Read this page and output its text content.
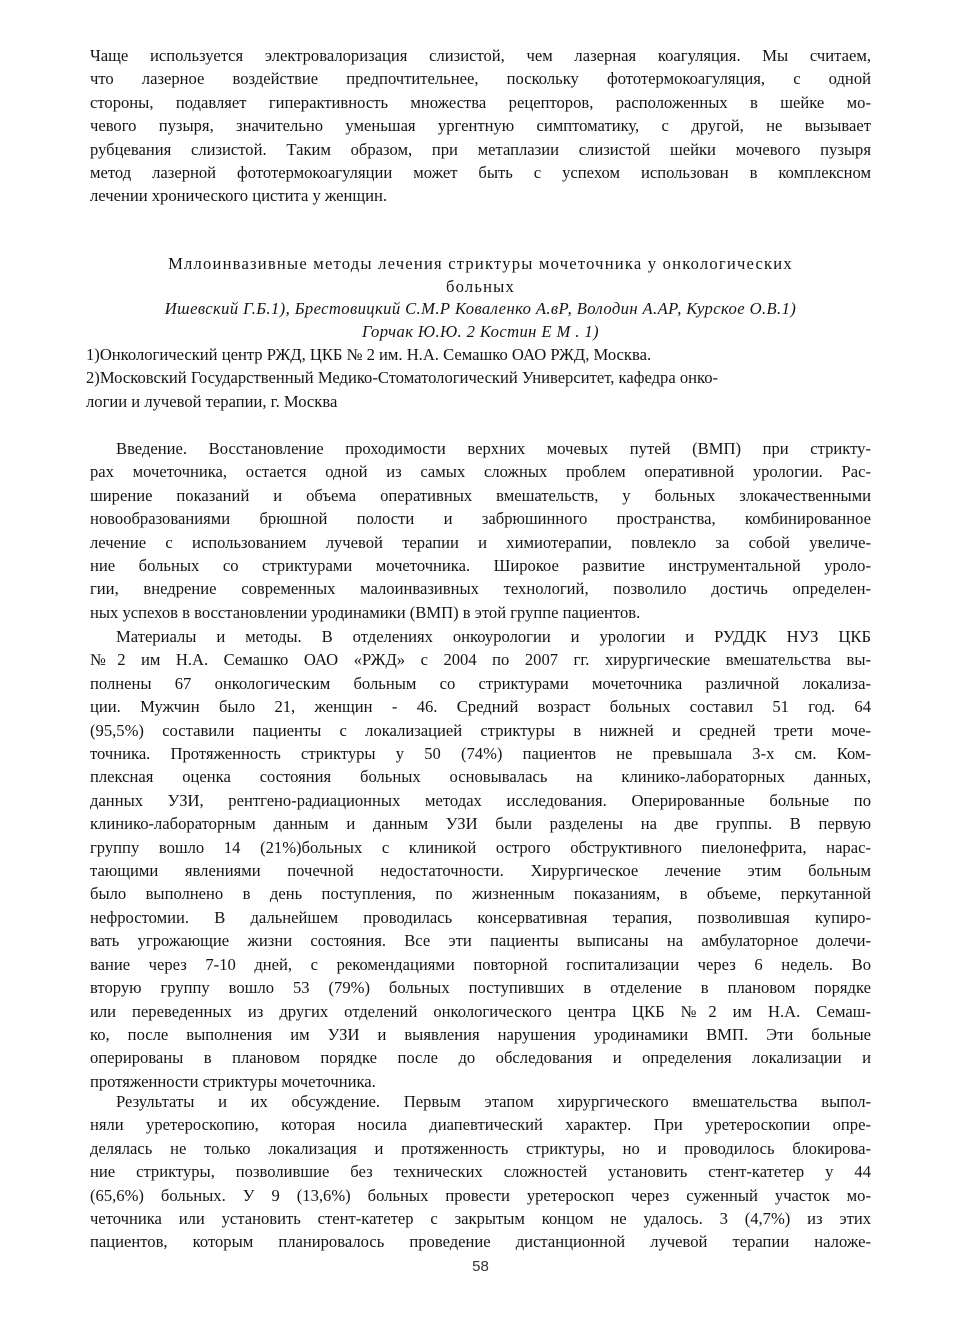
Чаще используется электровалоризация слизистой, чем лазерная коагуляция. Мы считаем,
что лазерное воздействие предпочтительнее, поскольку фототермокоагуляция, с одной
стороны, подавляет гиперактивность множества рецепторов, расположенных в шейке мо-
чевого пузыря, значительно уменьшая ургентную симптоматику, с другой, не вызывает
рубцевания слизистой. Таким образом, при метаплазии слизистой шейки мочевого пузыря
метод лазерной фототермокоагуляции может быть с успехом использован в комплексном
лечении хронического цистита у женщин.
Мллоинвазивные методы лечения стриктуры мочеточника у онкологических
больных
Ишевский Г.Б.1), Брестовицкий С.М.Р Коваленко А.вР, Володин А.АР, Курское О.В.1)
Горчак Ю.Ю. 2 Костин Е М . 1)
1)Онкологический центр РЖД, ЦКБ № 2 им. Н.А. Семашко ОАО РЖД, Москва.
2)Московский Государственный Медико-Стоматологический Университет, кафедра онко-
логии и лучевой терапии, г. Москва
Введение. Восстановление проходимости верхних мочевых путей (ВМП) при стрикту-
рах мочеточника, остается одной из самых сложных проблем оперативной урологии. Рас-
ширение показаний и объема оперативных вмешательств, у больных злокачественными
новообразованиями брюшной полости и забрюшинного пространства, комбинированное
лечение с использованием лучевой терапии и химиотерапии, повлекло за собой увеличе-
ние больных со стриктурами мочеточника. Широкое развитие инструментальной уроло-
гии, внедрение современных малоинвазивных технологий, позволило достичь определен-
ных успехов в восстановлении уродинамики (ВМП) в этой группе пациентов.
Материалы и методы. В отделениях онкоурологии и урологии и РУДДК НУЗ ЦКБ
№2 им Н.А. Семашко ОАО «РЖД» с 2004 по 2007 гг. хирургические вмешательства вы-
полнены 67 онкологическим больным со стриктурами мочеточника различной локализа-
ции. Мужчин было 21, женщин - 46. Средний возраст больных составил 51 год. 64
(95,5%) составили пациенты с локализацией стриктуры в нижней и средней трети моче-
точника. Протяженность стриктуры у 50 (74%) пациентов не превышала 3-х см. Ком-
плексная оценка состояния больных основывалась на клинико-лабораторных данных,
данных УЗИ, рентгено-радиационных методах исследования. Оперированные больные по
клинико-лабораторным данным и данным УЗИ были разделены на две группы. В первую
группу вошло 14 (21%)больных с клиникой острого обструктивного пиелонефрита, нарас-
тающими явлениями почечной недостаточности. Хирургическое лечение этим больным
было выполнено в день поступления, по жизненным показаниям, в объеме, перкутанной
нефростомии. В дальнейшем проводилась консервативная терапия, позволившая купиро-
вать угрожающие жизни состояния. Все эти пациенты выписаны на амбулаторное долечи-
вание через 7-10 дней, с рекомендациями повторной госпитализации через 6 недель. Во
вторую группу вошло 53 (79%) больных поступивших в отделение в плановом порядке
или переведенных из других отделений онкологического центра ЦКБ №2 им Н.А. Семаш-
ко, после выполнения им УЗИ и выявления нарушения уродинамики ВМП. Эти больные
оперированы в плановом порядке после до обследования и определения локализации и
протяженности стриктуры мочеточника.
Результаты и их обсуждение. Первым этапом хирургического вмешательства выпол-
няли уретероскопию, которая носила диапевтический характер. При уретероскопии опре-
делялась не только локализация и протяженность стриктуры, но и проводилось блокирова-
ние стриктуры, позволившие без технических сложностей установить стент-катетер у 44
(65,6%) больных. У 9 (13,6%) больных провести уретероскоп через суженный участок мо-
четочника или установить стент-катетер с закрытым концом не удалось. 3 (4,7%) из этих
пациентов, которым планировалось проведение дистанционной лучевой терапии наложе-
58
